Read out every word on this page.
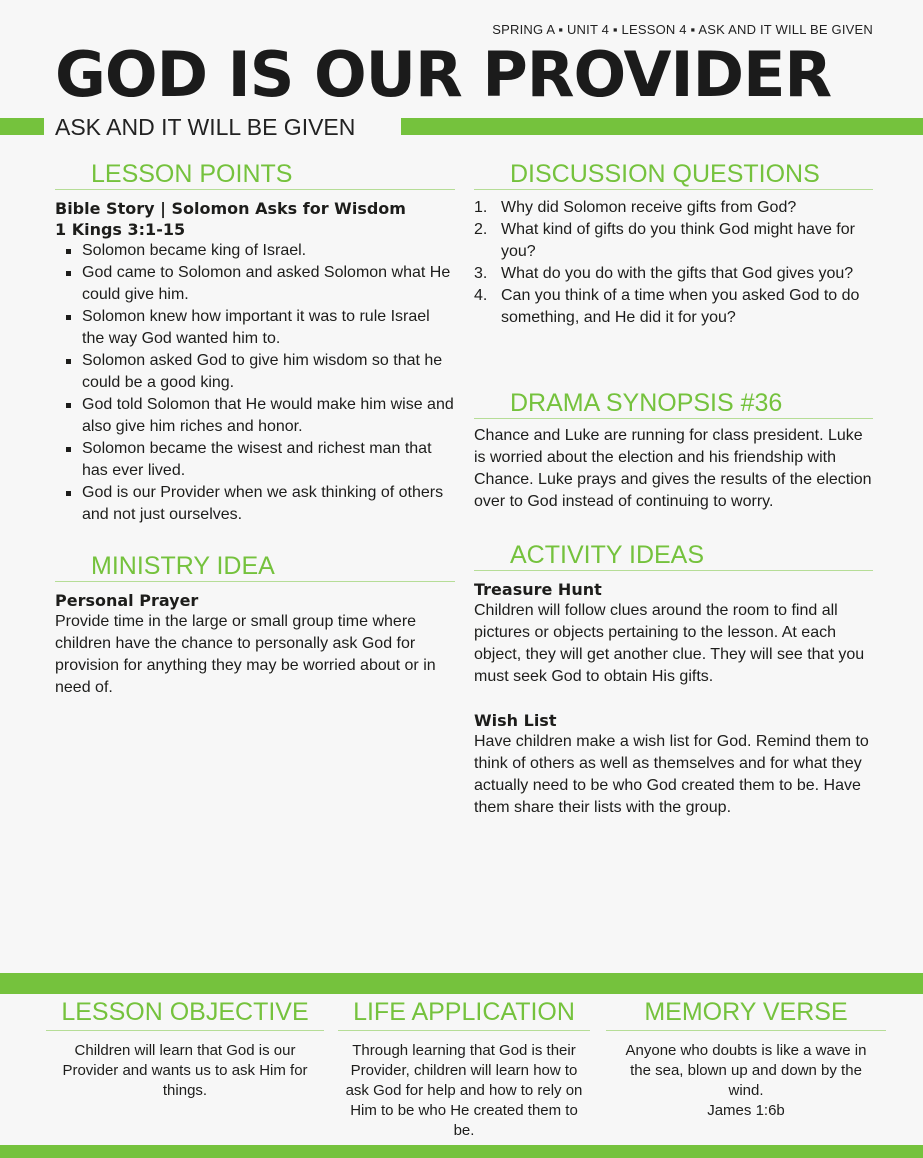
SPRING A ▪ UNIT 4 ▪ LESSON 4 ▪ ASK AND IT WILL BE GIVEN
GOD IS OUR PROVIDER
ASK AND IT WILL BE GIVEN
LESSON POINTS

Bible Story | Solomon Asks for Wisdom

1 Kings 3:1-15

Solomon became king of Israel.
God came to Solomon and asked Solomon what He could give him.
Solomon knew how important it was to rule Israel the way God wanted him to.
Solomon asked God to give him wisdom so that he could be a good king.
God told Solomon that He would make him wise and also give him riches and honor.
Solomon became the wisest and richest man that has ever lived.
God is our Provider when we ask thinking of others and not just ourselves.
MINISTRY IDEA

Personal Prayer

Provide time in the large or small group time where children have the chance to personally ask God for provision for anything they may be worried about or in need of.

DISCUSSION QUESTIONS
1. Why did Solomon receive gifts from God?
2. What kind of gifts do you think God might have for you?
3. What do you do with the gifts that God gives you?
4. Can you think of a time when you asked God to do something, and He did it for you?
DRAMA SYNOPSIS #36

Chance and Luke are running for class president. Luke is worried about the election and his friendship with Chance. Luke prays and gives the results of the election over to God instead of continuing to worry.

ACTIVITY IDEAS

Treasure Hunt

Children will follow clues around the room to find all pictures or objects pertaining to the lesson. At each object, they will get another clue. They will see that you must seek God to obtain His gifts.

Wish List

Have children make a wish list for God. Remind them to think of others as well as themselves and for what they actually need to be who God created them to be. Have them share their lists with the group.

LESSON OBJECTIVE

Children will learn that God is our Provider and wants us to ask Him for things.

LIFE APPLICATION

Through learning that God is their Provider, children will learn how to ask God for help and how to rely on Him to be who He created them to be.

MEMORY VERSE

Anyone who doubts is like a wave in the sea, blown up and down by the wind.

James 1:6b
